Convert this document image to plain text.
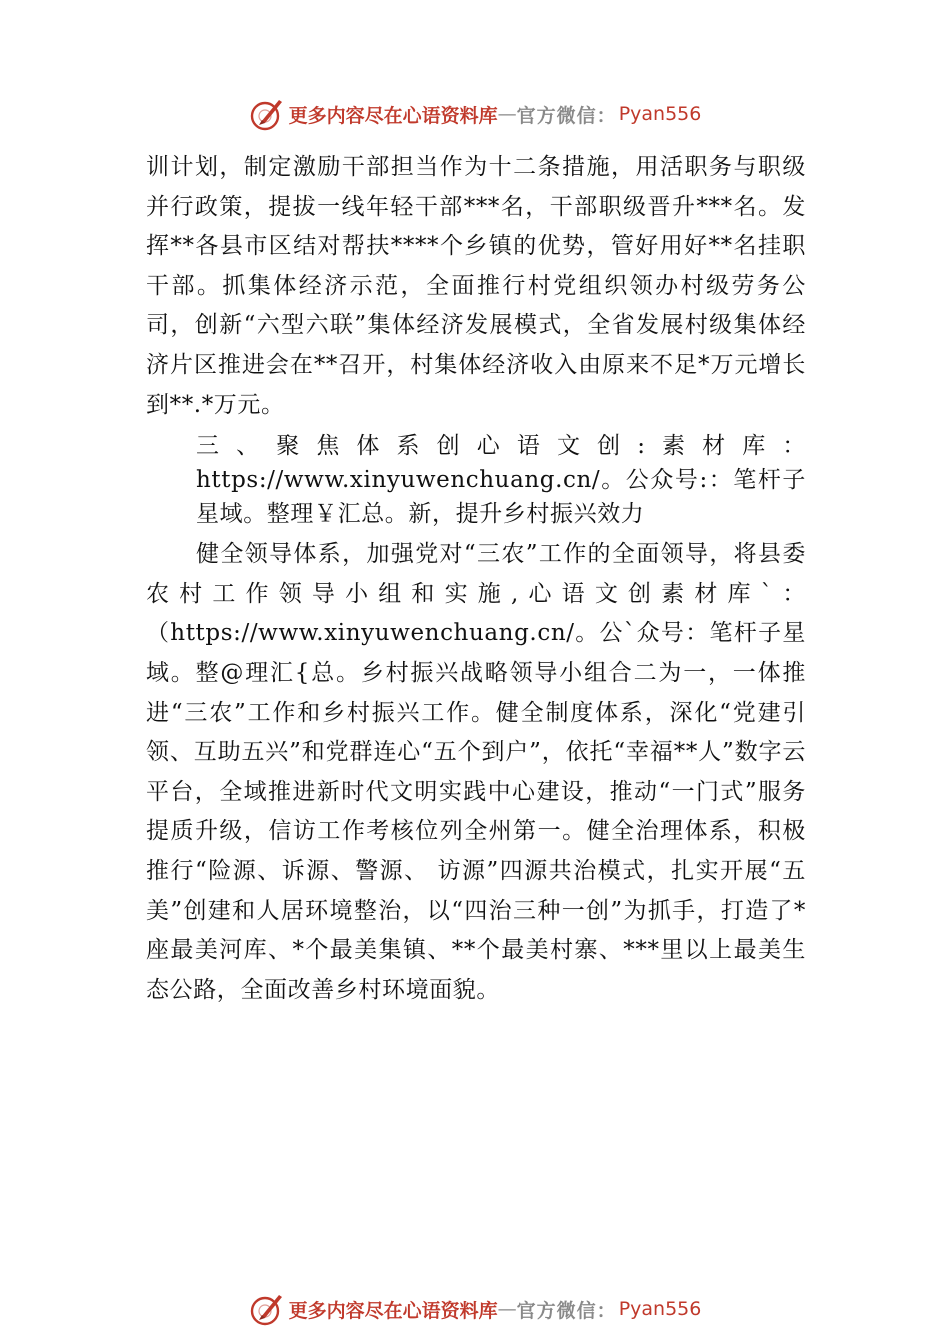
更多内容尽在心语资料库 — 官方微信： Pyan556

训计划，制定激励干部担当作为十二条措施，用活职务与职级并行政策，提拔一线年轻干部***名，干部职级晋升***名。发挥**各县市区结对帮扶****个乡镇的优势，管好用好**名挂职干部。抓集体经济示范，全面推行村党组织领办村级劳务公司，创新“六型六联”集体经济发展模式，全省发展村级集体经济片区推进会在**召开，村集体经济收入由原来不足*万元增长到**.*万元。

三、聚焦体系创心语文创:素材库：https://www.xinyuwenchuang.cn/。公众号:：笔杆子星域。整理￥汇总。新，提升乡村振兴效力

健全领导体系，加强党对“三农”工作的全面领导，将县委农村工作领导小组和实施,心语文创素材库`：（https://www.xinyuwenchuang.cn/。公`众号：笔杆子星域。整@理汇{总。乡村振兴战略领导小组合二为一，一体推进“三农”工作和乡村振兴工作。健全制度体系，深化“党建引领、互助五兴”和党群连心“五个到户”，依托“幸福**人”数字云平台，全域推进新时代文明实践中心建设，推动“一门式”服务提质升级，信访工作考核位列全州第一。健全治理体系，积极推行“险源、诉源、警源、 访源”四源共治模式，扎实开展“五美”创建和人居环境整治，以“四治三种一创”为抓手，打造了*座最美河库、*个最美集镇、**个最美村寨、***里以上最美生态公路，全面改善乡村环境面貌。

更多内容尽在心语资料库 — 官方微信： Pyan556
